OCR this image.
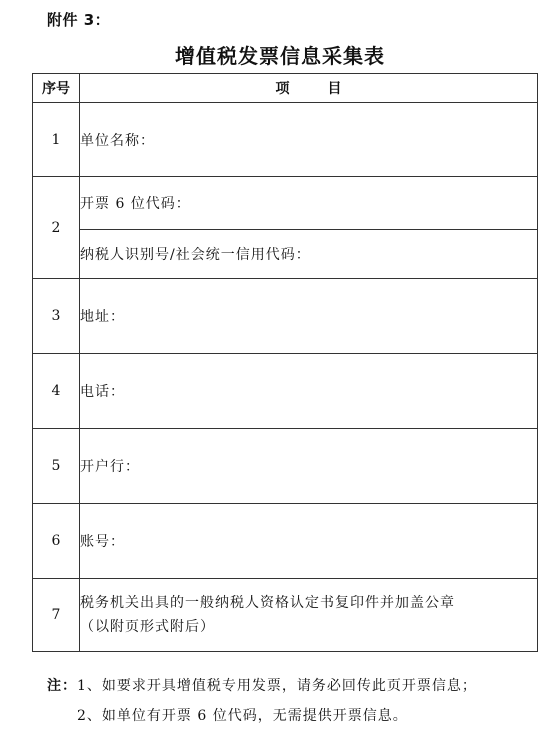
附件 3：
增值税发票信息采集表
序号	项 目
1	单位名称：
2	开票 6 位代码：
	纳税人识别号/社会统一信用代码：
3	地址：
4	电话：
5	开户行：
6	账号：
7	税务机关出具的一般纳税人资格认定书复印件并加盖公章
（以附页形式附后）
注：1、如要求开具增值税专用发票，请务必回传此页开票信息；
2、如单位有开票 6 位代码，无需提供开票信息。
